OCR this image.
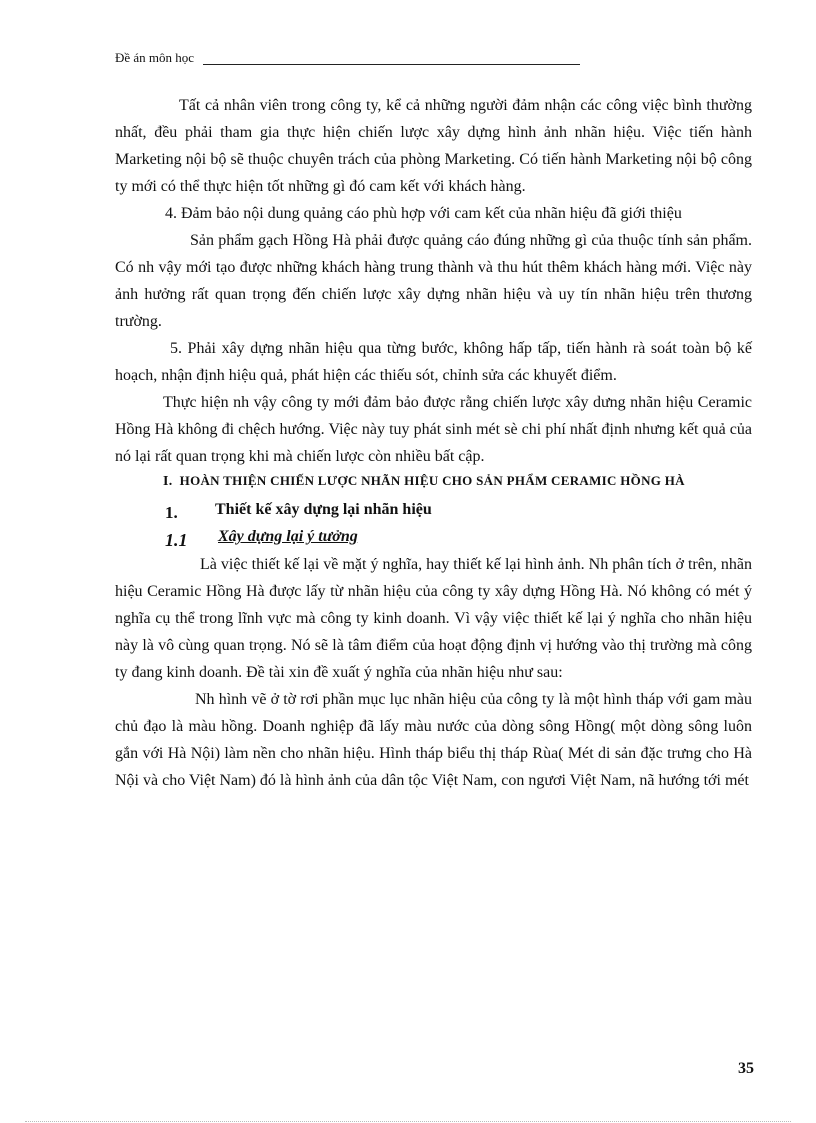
Đề án môn học

Tất cả nhân viên trong công ty, kể cả những người đảm nhận các công việc bình thường nhất, đều phải tham gia thực hiện chiến lược xây dựng hình ảnh nhãn hiệu. Việc tiến hành Marketing nội bộ sẽ thuộc chuyên trách của phòng Marketing. Có tiến hành Marketing nội bộ công ty mới có thể thực hiện tốt những gì đó cam kết với khách hàng.

4. Đảm bảo nội dung quảng cáo phù hợp với cam kết của nhãn hiệu đã giới thiệu

Sản phẩm gạch Hồng Hà phải được quảng cáo đúng những gì của thuộc tính sản phẩm. Có nh vậy mới tạo được những khách hàng trung thành và thu hút thêm khách hàng mới. Việc này ảnh hưởng rất quan trọng đến chiến lược xây dựng nhãn hiệu và uy tín nhãn hiệu trên thương trường.

5. Phải xây dựng nhãn hiệu qua từng bước, không hấp tấp, tiến hành rà soát toàn bộ kế hoạch, nhận định hiệu quả, phát hiện các thiếu sót, chỉnh sửa các khuyết điểm.

Thực hiện nh vậy công ty mới đảm bảo được rằng chiến lược xây dưng nhãn hiệu Ceramic Hồng Hà không đi chệch hướng. Việc này tuy phát sinh mét sè chi phí nhất định nhưng kết quả của nó lại rất quan trọng khi mà chiến lược còn nhiều bất cập.

I. HOÀN THIỆN CHIẾN LƯỢC NHÃN HIỆU CHO SẢN PHẨM CERAMIC HỒNG HÀ

1. Thiết kế xây dựng lại nhãn hiệu
1.1 Xây dựng lại ý tưởng

Là việc thiết kế lại về mặt ý nghĩa, hay thiết kế lại hình ảnh. Nh phân tích ở trên, nhãn hiệu Ceramic Hồng Hà được lấy từ nhãn hiệu của công ty xây dựng Hồng Hà. Nó không có mét ý nghĩa cụ thể trong lĩnh vực mà công ty kinh doanh. Vì vậy việc thiết kế lại ý nghĩa cho nhãn hiệu này là vô cùng quan trọng. Nó sẽ là tâm điểm của hoạt động định vị hướng vào thị trường mà công ty đang kinh doanh. Đề tài xin đề xuất ý nghĩa của nhãn hiệu như sau:

Nh hình vẽ ở tờ rơi phần mục lục nhãn hiệu của công ty là một hình tháp với gam màu chủ đạo là màu hồng. Doanh nghiệp đã lấy màu nước của dòng sông Hồng( một dòng sông luôn gắn với Hà Nội) làm nền cho nhãn hiệu. Hình tháp biểu thị tháp Rùa( Mét di sản đặc trưng cho Hà Nội và cho Việt Nam) đó là hình ảnh của dân tộc Việt Nam, con ngươi Việt Nam, nã hướng tới mét

35
